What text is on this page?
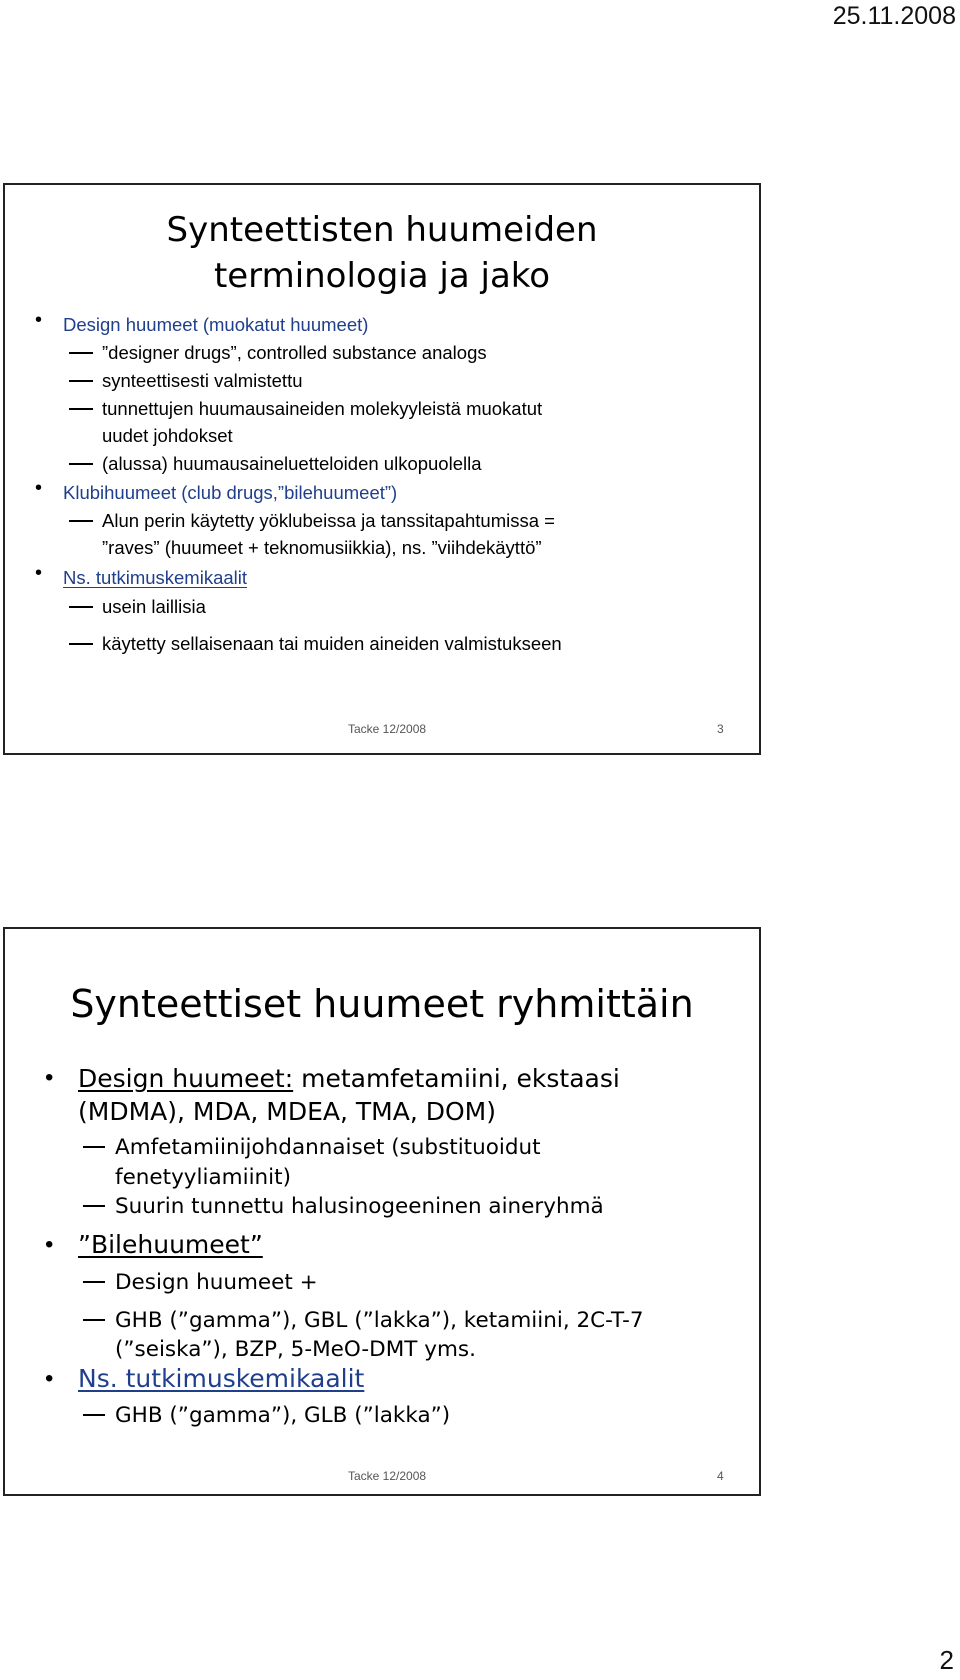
25.11.2008
Synteettisten huumeiden
terminologia ja jako
• Design huumeet (muokatut huumeet)
”designer drugs”, controlled substance analogs
synteettisesti valmistettu
tunnettujen huumausaineiden molekyyleistä muokatut
uudet johdokset
(alussa) huumausaineluetteloiden ulkopuolella
• Klubihuumeet (club drugs,”bilehuumeet”)
Alun perin käytetty yöklubeissa ja tanssitapahtumissa =
”raves” (huumeet + teknomusiikkia), ns. ”viihdekäyttö”
• Ns. tutkimuskemikaalit
usein laillisia
käytetty sellaisenaan tai muiden aineiden valmistukseen
Tacke 12/2008	3
Synteettiset huumeet ryhmittäin
• Design huumeet: metamfetamiini, ekstaasi
(MDMA), MDA, MDEA, TMA, DOM)
Amfetamiinijohdannaiset (substituoidut
fenetyyliamiinit)
Suurin tunnettu halusinogeeninen aineryhmä
• ”Bilehuumeet”
Design huumeet +
GHB (”gamma”), GBL (”lakka”), ketamiini, 2C-T-7
(”seiska”), BZP, 5-MeO-DMT yms.
• Ns. tutkimuskemikaalit
GHB (”gamma”), GLB (”lakka”)
Tacke 12/2008	4
2
